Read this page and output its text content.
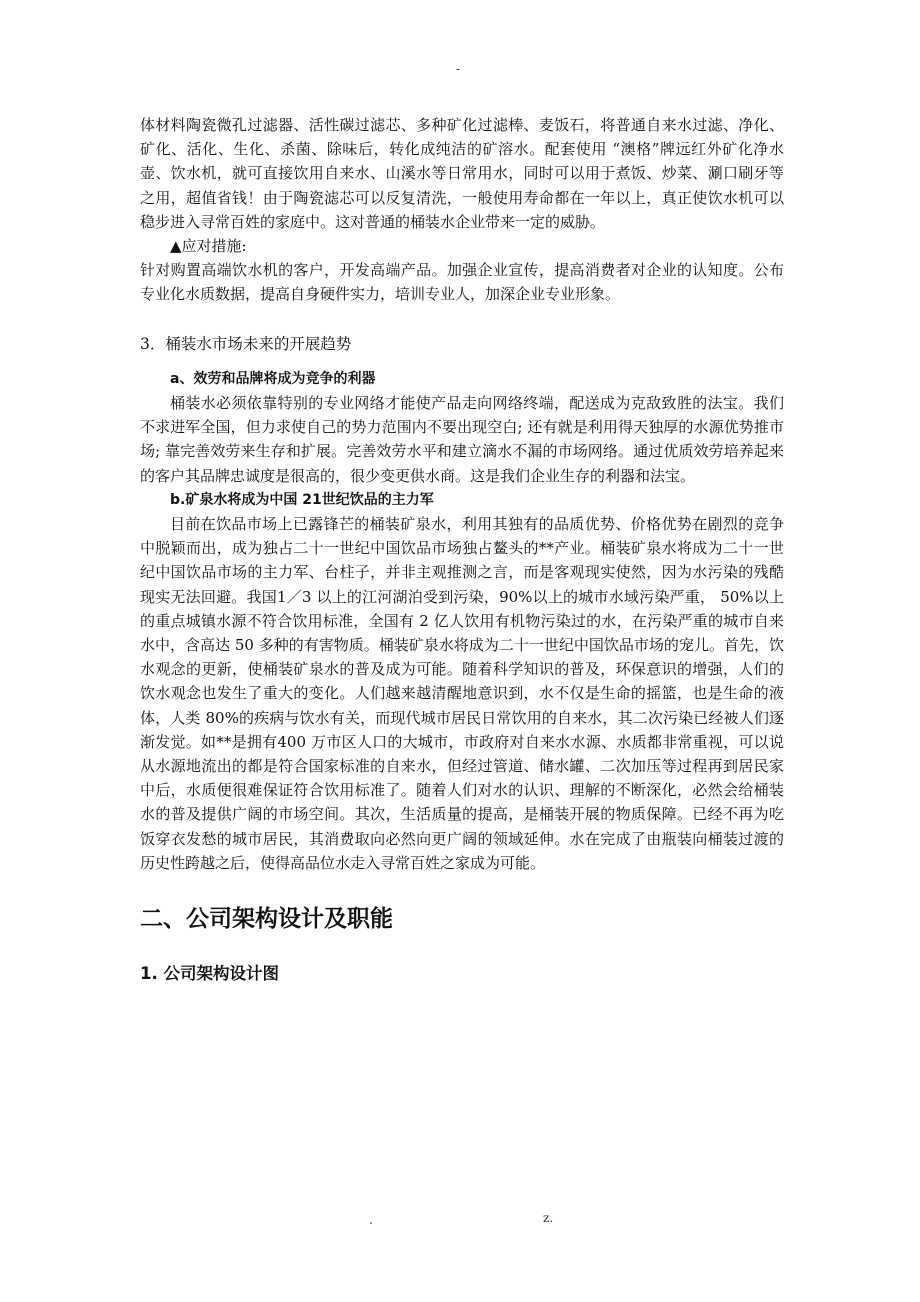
-

体材料陶瓷微孔过滤器、活性碳过滤芯、多种矿化过滤棒、麦饭石，将普通自来水过滤、净化、矿化、活化、生化、杀菌、除味后，转化成纯洁的矿溶水。配套使用 “澳格”牌远红外矿化净水壶、饮水机，就可直接饮用自来水、山溪水等日常用水，同时可以用于煮饭、炒菜、涮口刷牙等之用，超值省钱！由于陶瓷滤芯可以反复清洗，一般使用寿命都在一年以上，真正使饮水机可以稳步进入寻常百姓的家庭中。这对普通的桶装水企业带来一定的威胁。

▲应对措施:

针对购置高端饮水机的客户，开发高端产品。加强企业宣传，提高消费者对企业的认知度。公布专业化水质数据，提高自身硬件实力，培训专业人，加深企业专业形象。

3．桶装水市场未来的开展趋势

a、效劳和品牌将成为竞争的利器

桶装水必须依靠特别的专业网络才能使产品走向网络终端，配送成为克敌致胜的法宝。我们不求进军全国，但力求使自己的势力范围内不要出现空白; 还有就是利用得天独厚的水源优势推市场; 靠完善效劳来生存和扩展。完善效劳水平和建立滴水不漏的市场网络。通过优质效劳培养起来的客户其品牌忠诚度是很高的，很少变更供水商。这是我们企业生存的利器和法宝。

b.矿泉水将成为中国 21世纪饮品的主力军

目前在饮品市场上已露锋芒的桶装矿泉水，利用其独有的品质优势、价格优势在剧烈的竞争中脱颖而出，成为独占二十一世纪中国饮品市场独占鳌头的**产业。桶装矿泉水将成为二十一世纪中国饮品市场的主力军、台柱子，并非主观推测之言，而是客观现实使然，因为水污染的残酷现实无法回避。我国1／3 以上的江河湖泊受到污染，90%以上的城市水域污染严重， 50%以上的重点城镇水源不符合饮用标准，全国有 2 亿人饮用有机物污染过的水，在污染严重的城市自来水中，含高达 50 多种的有害物质。桶装矿泉水将成为二十一世纪中国饮品市场的宠儿。首先，饮水观念的更新，使桶装矿泉水的普及成为可能。随着科学知识的普及，环保意识的增强，人们的饮水观念也发生了重大的变化。人们越来越清醒地意识到，水不仅是生命的摇篮，也是生命的液体，人类 80%的疾病与饮水有关，而现代城市居民日常饮用的自来水，其二次污染已经被人们逐渐发觉。如**是拥有400 万市区人口的大城市，市政府对自来水水源、水质都非常重视，可以说从水源地流出的都是符合国家标准的自来水，但经过管道、储水罐、二次加压等过程再到居民家中后，水质便很难保证符合饮用标准了。随着人们对水的认识、理解的不断深化，必然会给桶装水的普及提供广阔的市场空间。其次，生活质量的提高，是桶装开展的物质保障。已经不再为吃饭穿衣发愁的城市居民，其消费取向必然向更广阔的领域延伸。水在完成了由瓶装向桶装过渡的历史性跨越之后，使得高品位水走入寻常百姓之家成为可能。

二、公司架构设计及职能

1. 公司架构设计图

.	z.
